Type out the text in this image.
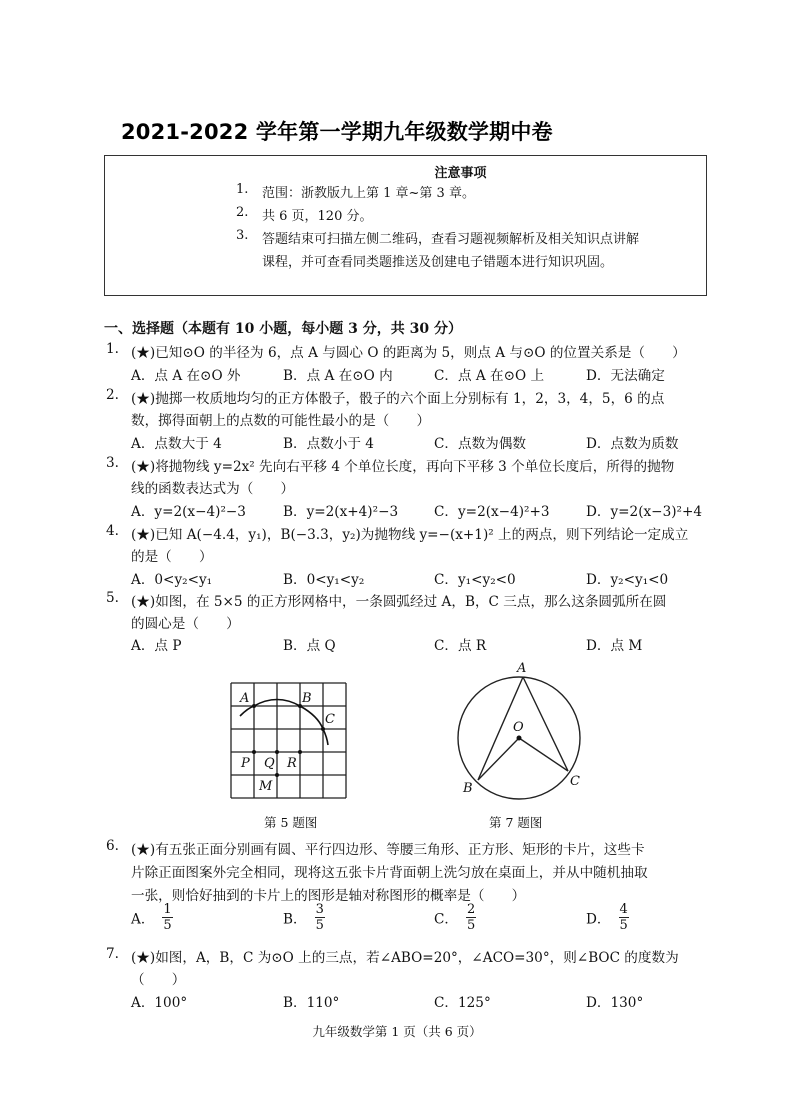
2021-2022 学年第一学期九年级数学期中卷
注意事项
1. 范围：浙教版九上第 1 章~第 3 章。
2. 共 6 页，120 分。
3. 答题结束可扫描左侧二维码，查看习题视频解析及相关知识点讲解
课程，并可查看同类题推送及创建电子错题本进行知识巩固。
一、选择题（本题有 10 小题，每小题 3 分，共 30 分）
1. (★)已知⊙O 的半径为 6，点 A 与圆心 O 的距离为 5，则点 A 与⊙O 的位置关系是（　　）
A．点 A 在⊙O 外	B．点 A 在⊙O 内	C．点 A 在⊙O 上	D．无法确定
2. (★)抛掷一枚质地均匀的正方体骰子，骰子的六个面上分别标有 1，2，3，4，5，6 的点
数，掷得面朝上的点数的可能性最小的是（　　）
A．点数大于 4	B．点数小于 4	C．点数为偶数	D．点数为质数
3. (★)将抛物线 y=2x² 先向右平移 4 个单位长度，再向下平移 3 个单位长度后，所得的抛物
线的函数表达式为（　　）
A．y=2(x−4)²−3	B．y=2(x+4)²−3	C．y=2(x−4)²+3	D．y=2(x−3)²+4
4. (★)已知 A(−4.4，y₁)，B(−3.3，y₂)为抛物线 y=−(x+1)² 上的两点，则下列结论一定成立
的是（　　）
A．0<y₂<y₁	B．0<y₁<y₂	C．y₁<y₂<0	D．y₂<y₁<0
5. (★)如图，在 5×5 的正方形网格中，一条圆弧经过 A，B，C 三点，那么这条圆弧所在圆
的圆心是（　　）
A．点 P	B．点 Q	C．点 R	D．点 M
A	B
C
P Q R
M
第 5 题图
A
B	C
O
第 7 题图
6. (★)有五张正面分别画有圆、平行四边形、等腰三角形、正方形、矩形的卡片，这些卡
片除正面图案外完全相同，现将这五张卡片背面朝上洗匀放在桌面上，并从中随机抽取
一张，则恰好抽到的卡片上的图形是轴对称图形的概率是（　　）
A． $\frac{1}{5}$	B． $\frac{3}{5}$	C． $\frac{2}{5}$	D． $\frac{4}{5}$
7. (★)如图，A，B，C 为⊙O 上的三点，若∠ABO=20°，∠ACO=30°，则∠BOC 的度数为
（　　）
A．100°	B．110°	C．125°	D．130°
九年级数学第 1 页（共 6 页）
